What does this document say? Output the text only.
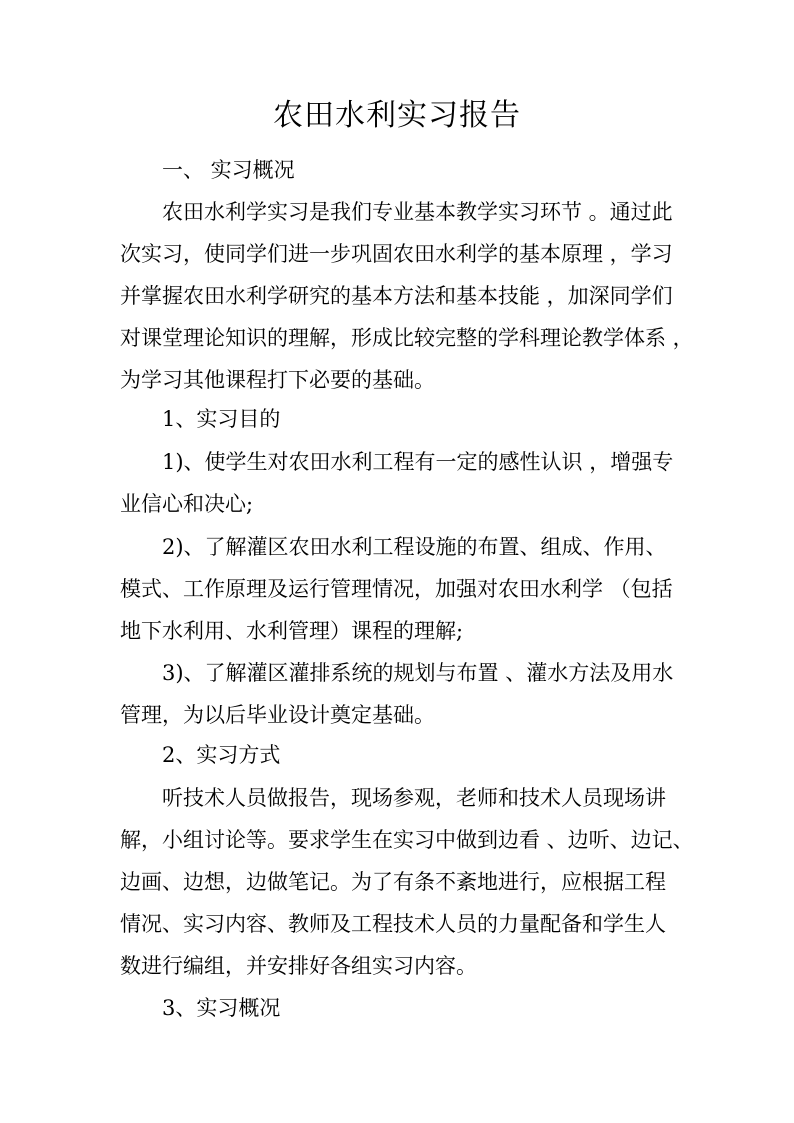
农田水利实习报告
一、 实习概况
农田水利学实习是我们专业基本教学实习环节 。通过此
次实习，使同学们进一步巩固农田水利学的基本原理 ，学习
并掌握农田水利学研究的基本方法和基本技能 ，加深同学们
对课堂理论知识的理解，形成比较完整的学科理论教学体系 ，
为学习其他课程打下必要的基础。
1、实习目的
1)、使学生对农田水利工程有一定的感性认识 ，增强专
业信心和决心;
2)、了解灌区农田水利工程设施的布置、组成、作用、
模式、工作原理及运行管理情况，加强对农田水利学 （包括
地下水利用、水利管理）课程的理解;
3)、了解灌区灌排系统的规划与布置 、灌水方法及用水
管理，为以后毕业设计奠定基础。
2、实习方式
听技术人员做报告，现场参观，老师和技术人员现场讲
解，小组讨论等。要求学生在实习中做到边看 、边听、边记、
边画、边想，边做笔记。为了有条不紊地进行，应根据工程
情况、实习内容、教师及工程技术人员的力量配备和学生人
数进行编组，并安排好各组实习内容。
3、实习概况
